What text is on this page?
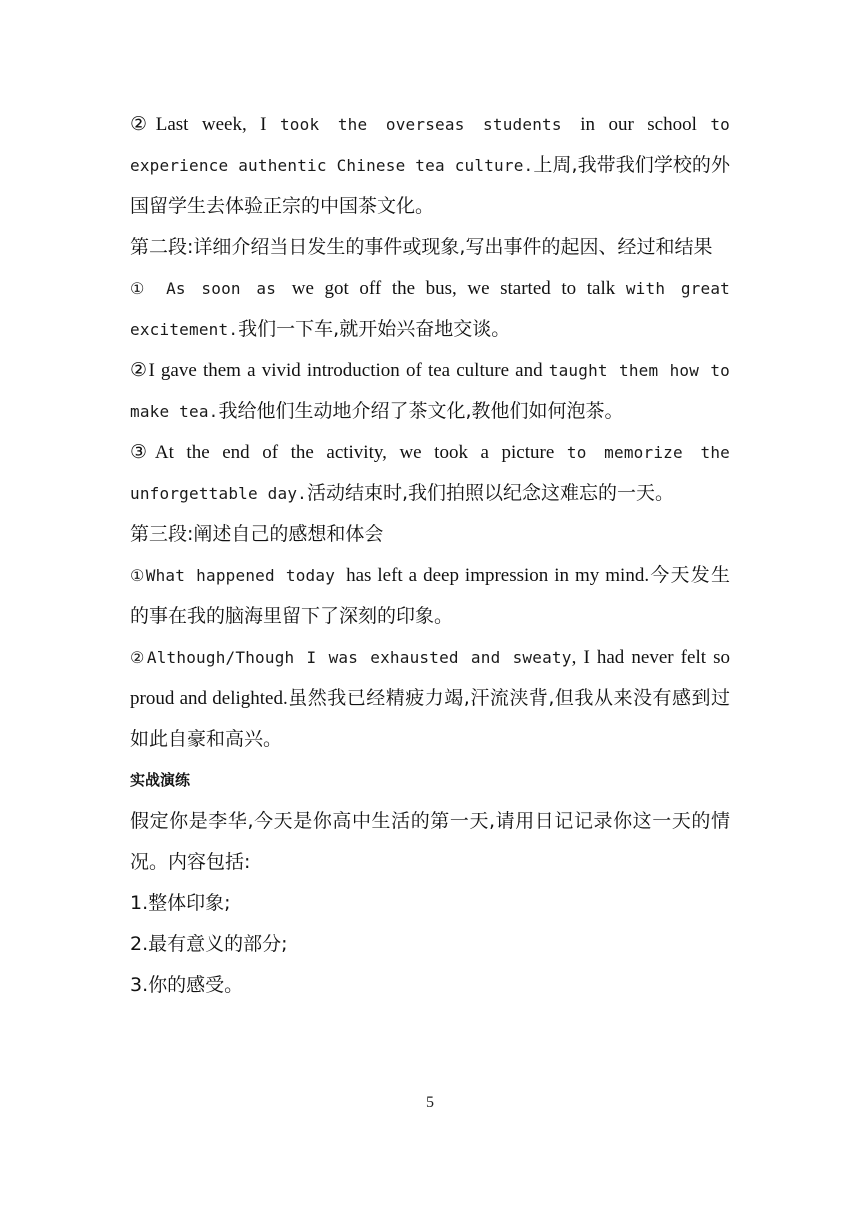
②Last week, I took the overseas students in our school to experience authentic Chinese tea culture.上周,我带我们学校的外国留学生去体验正宗的中国茶文化。

第二段:详细介绍当日发生的事件或现象,写出事件的起因、经过和结果

① As soon as we got off the bus, we started to talk with great excitement.我们一下车,就开始兴奋地交谈。

②I gave them a vivid introduction of tea culture and taught them how to make tea.我给他们生动地介绍了茶文化,教他们如何泡茶。

③At the end of the activity, we took a picture to memorize the unforgettable day.活动结束时,我们拍照以纪念这难忘的一天。

第三段:阐述自己的感想和体会

①What happened today has left a deep impression in my mind.今天发生的事在我的脑海里留下了深刻的印象。

②Although/Though I was exhausted and sweaty, I had never felt so proud and delighted.虽然我已经精疲力竭,汗流浃背,但我从来没有感到过如此自豪和高兴。

实战演练

假定你是李华,今天是你高中生活的第一天,请用日记记录你这一天的情况。内容包括:

1.整体印象;

2.最有意义的部分;

3.你的感受。

5
